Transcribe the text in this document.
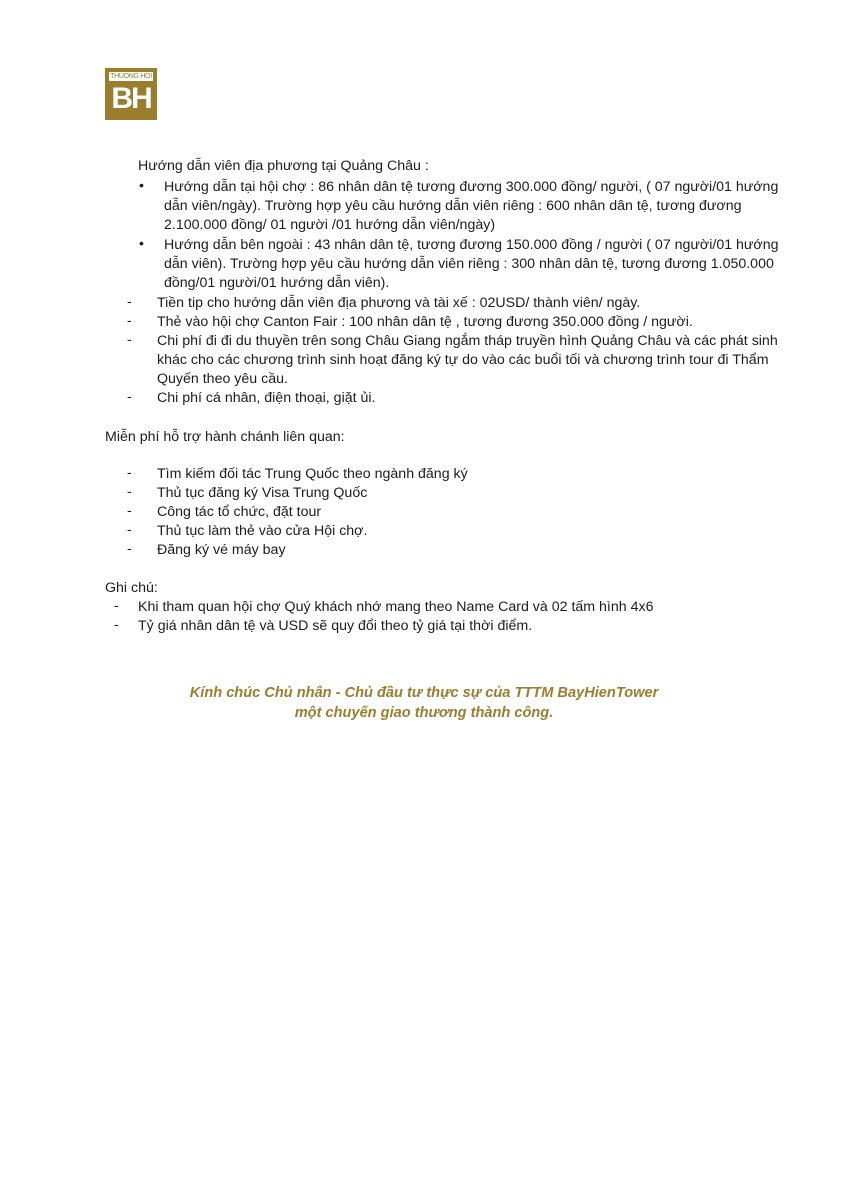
THUONG HOI
BH
Hướng dẫn viên địa phương tại Quảng Châu :
• Hướng dẫn tại hội chợ : 86 nhân dân tệ tương đương 300.000 đồng/ người, ( 07 người/01 hướng
dẫn viên/ngày). Trường hợp yêu cầu hướng dẫn viên riêng : 600 nhân dân tệ, tương đương
2.100.000 đồng/ 01 người /01 hướng dẫn viên/ngày)
• Hướng dẫn bên ngoài : 43 nhân dân tệ, tương đương 150.000 đồng / người ( 07 người/01 hướng
dẫn viên). Trường hợp yêu cầu hướng dẫn viên riêng : 300 nhân dân tệ, tương đương 1.050.000
đồng/01 người/01 hướng dẫn viên).
- Tiền tip cho hướng dẫn viên địa phương và tài xế : 02USD/ thành viên/ ngày.
- Thẻ vào hội chợ Canton Fair : 100 nhân dân tệ , tương đương 350.000 đồng / người.
- Chi phí đi đi du thuyền trên song Châu Giang ngắm tháp truyền hình Quảng Châu và các phát sinh
khác cho các chương trình sinh hoạt đăng ký tự do vào các buổi tối và chương trình tour đi Thẩm
Quyến theo yêu cầu.
- Chi phí cá nhân, điện thoại, giặt ủi.
Miễn phí hỗ trợ hành chánh liên quan:
- Tìm kiếm đối tác Trung Quốc theo ngành đăng ký
- Thủ tục đăng ký Visa Trung Quốc
- Công tác tổ chức, đặt tour
- Thủ tục làm thẻ vào cửa Hội chợ.
- Đăng ký vé máy bay
Ghi chú:
- Khi tham quan hội chợ Quý khách nhớ mang theo Name Card và 02 tấm hình 4x6
- Tỷ giá nhân dân tệ và USD sẽ quy đổi theo tỷ giá tại thời điểm.
Kính chúc Chủ nhân - Chủ đầu tư thực sự của TTTM BayHienTower
một chuyến giao thương thành công.
